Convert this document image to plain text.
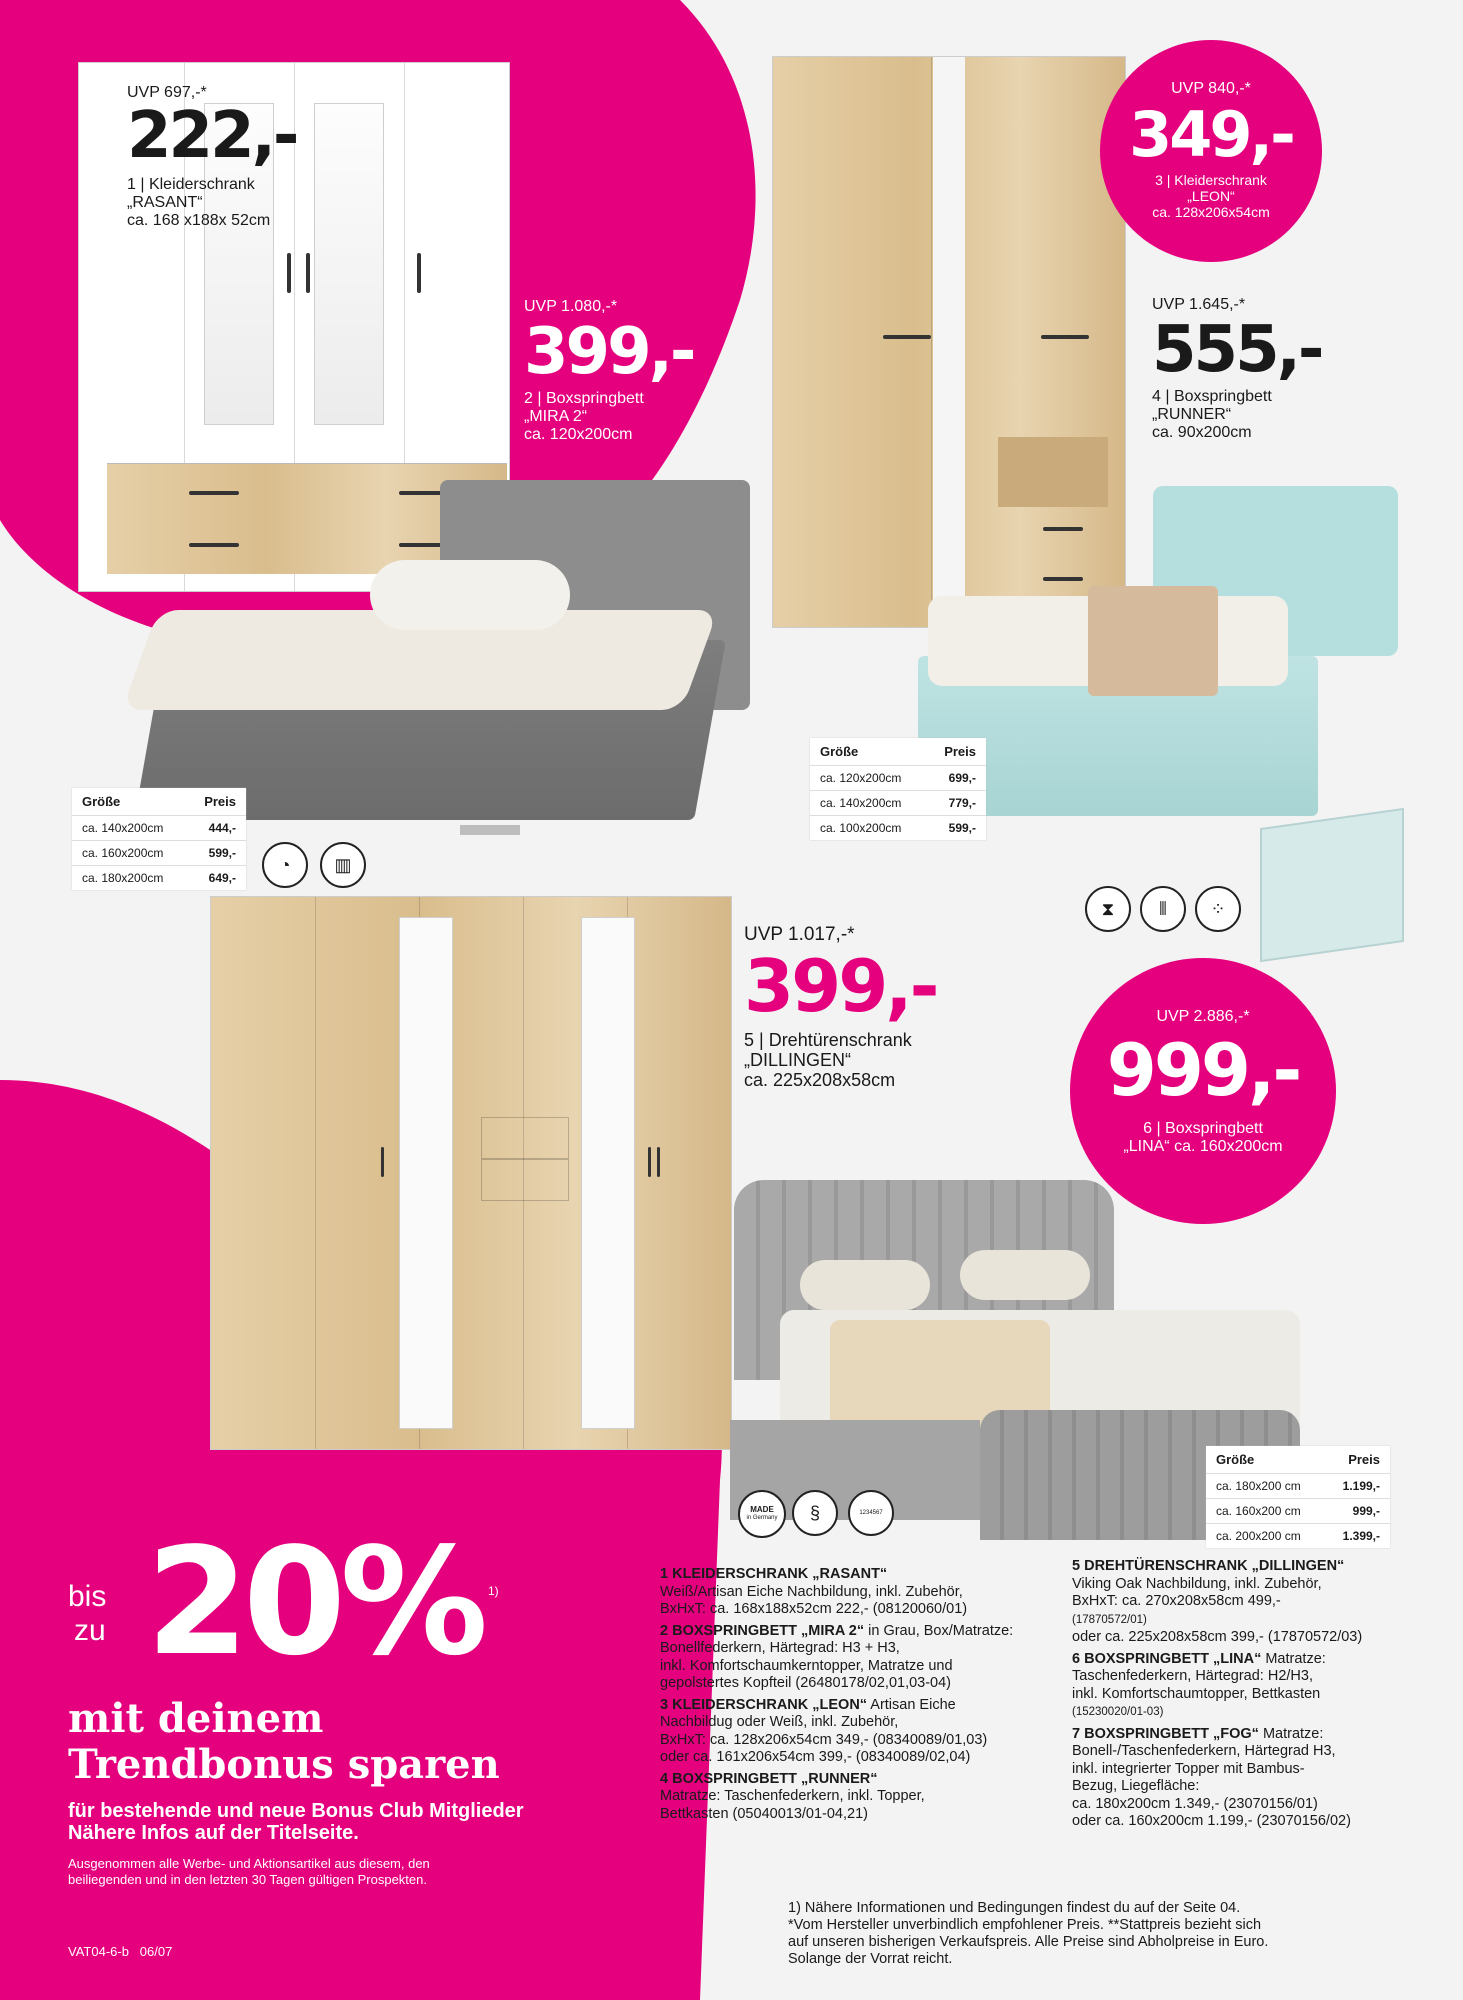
UVP 697,-*
222,-
1 | Kleiderschrank
„RASANT“
ca. 168 x188x 52cm
UVP 1.080,-*
399,-
2 | Boxspringbett
„MIRA 2“
ca. 120x200cm
Größe	Preis
ca. 140x200cm	444,-
ca. 160x200cm	599,-
ca. 180x200cm	649,-
◔	▥
UVP 840,-*
349,-
3 | Kleiderschrank
„LEON“
ca. 128x206x54cm
UVP 1.645,-*
555,-
4 | Boxspringbett
„RUNNER“
ca. 90x200cm
Größe	Preis
ca. 120x200cm	699,-
ca. 140x200cm	779,-
ca. 100x200cm	599,-
⧗	⦀	⁘
UVP 1.017,-*
399,-
5 | Drehtürenschrank
„DILLINGEN“
ca. 225x208x58cm
UVP 2.886,-*
999,-
6 | Boxspringbett
„LINA“ ca. 160x200cm
Größe	Preis
ca. 180x200 cm	1.199,-
ca. 160x200 cm	999,-
ca. 200x200 cm	1.399,-
MADE
in Germany	§	1234567
bis
zu 20% 1)
mit deinem
Trendbonus sparen
für bestehende und neue Bonus Club Mitglieder
Nähere Infos auf der Titelseite.
Ausgenommen alle Werbe- und Aktionsartikel aus diesem, den
beiliegenden und in den letzten 30 Tagen gültigen Prospekten.
VAT04-6-b 06/07
1 KLEIDERSCHRANK „RASANT“
Weiß/Artisan Eiche Nachbildung, inkl. Zubehör,
BxHxT: ca. 168x188x52cm 222,- (08120060/01)
2 BOXSPRINGBETT „MIRA 2“ in Grau, Box/Matratze:
Bonellfederkern, Härtegrad: H3 + H3,
inkl. Komfortschaumkerntopper, Matratze und
gepolstertes Kopfteil (26480178/02,01,03-04)
3 KLEIDERSCHRANK „LEON“ Artisan Eiche
Nachbildug oder Weiß, inkl. Zubehör,
BxHxT: ca. 128x206x54cm 349,- (08340089/01,03)
oder ca. 161x206x54cm 399,- (08340089/02,04)
4 BOXSPRINGBETT „RUNNER“
Matratze: Taschenfederkern, inkl. Topper,
Bettkasten (05040013/01-04,21)
5 DREHTÜRENSCHRANK „DILLINGEN“
Viking Oak Nachbildung, inkl. Zubehör,
BxHxT: ca. 270x208x58cm 499,-
(17870572/01)
oder ca. 225x208x58cm 399,- (17870572/03)
6 BOXSPRINGBETT „LINA“ Matratze:
Taschenfederkern, Härtegrad: H2/H3,
inkl. Komfortschaumtopper, Bettkasten
(15230020/01-03)
7 BOXSPRINGBETT „FOG“ Matratze:
Bonell-/Taschenfederkern, Härtegrad H3,
inkl. integrierter Topper mit Bambus-
Bezug, Liegefläche:
ca. 180x200cm 1.349,- (23070156/01)
oder ca. 160x200cm 1.199,- (23070156/02)
1) Nähere Informationen und Bedingungen findest du auf der Seite 04.
*Vom Hersteller unverbindlich empfohlener Preis. **Stattpreis bezieht sich
auf unseren bisherigen Verkaufspreis. Alle Preise sind Abholpreise in Euro.
Solange der Vorrat reicht.
